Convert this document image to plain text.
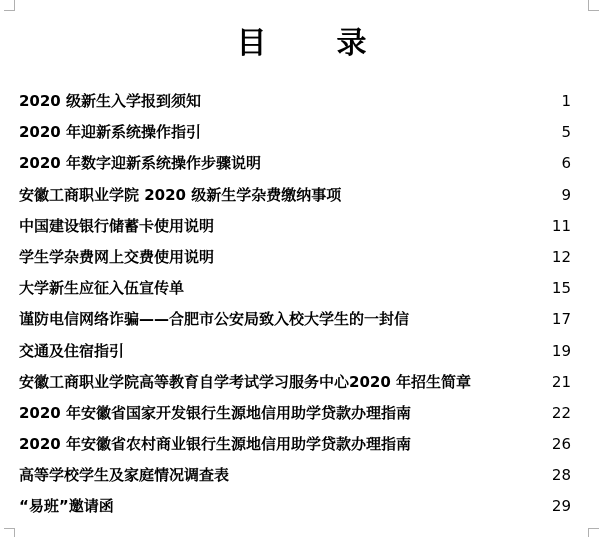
目　录
2020 级新生入学报到须知	1
2020 年迎新系统操作指引	5
2020 年数字迎新系统操作步骤说明	6
安徽工商职业学院 2020 级新生学杂费缴纳事项	9
中国建设银行储蓄卡使用说明	11
学生学杂费网上交费使用说明	12
大学新生应征入伍宣传单	15
谨防电信网络诈骗——合肥市公安局致入校大学生的一封信	17
交通及住宿指引	19
安徽工商职业学院高等教育自学考试学习服务中心2020 年招生简章	21
2020 年安徽省国家开发银行生源地信用助学贷款办理指南	22
2020 年安徽省农村商业银行生源地信用助学贷款办理指南	26
高等学校学生及家庭情况调查表	28
“易班”邀请函	29
